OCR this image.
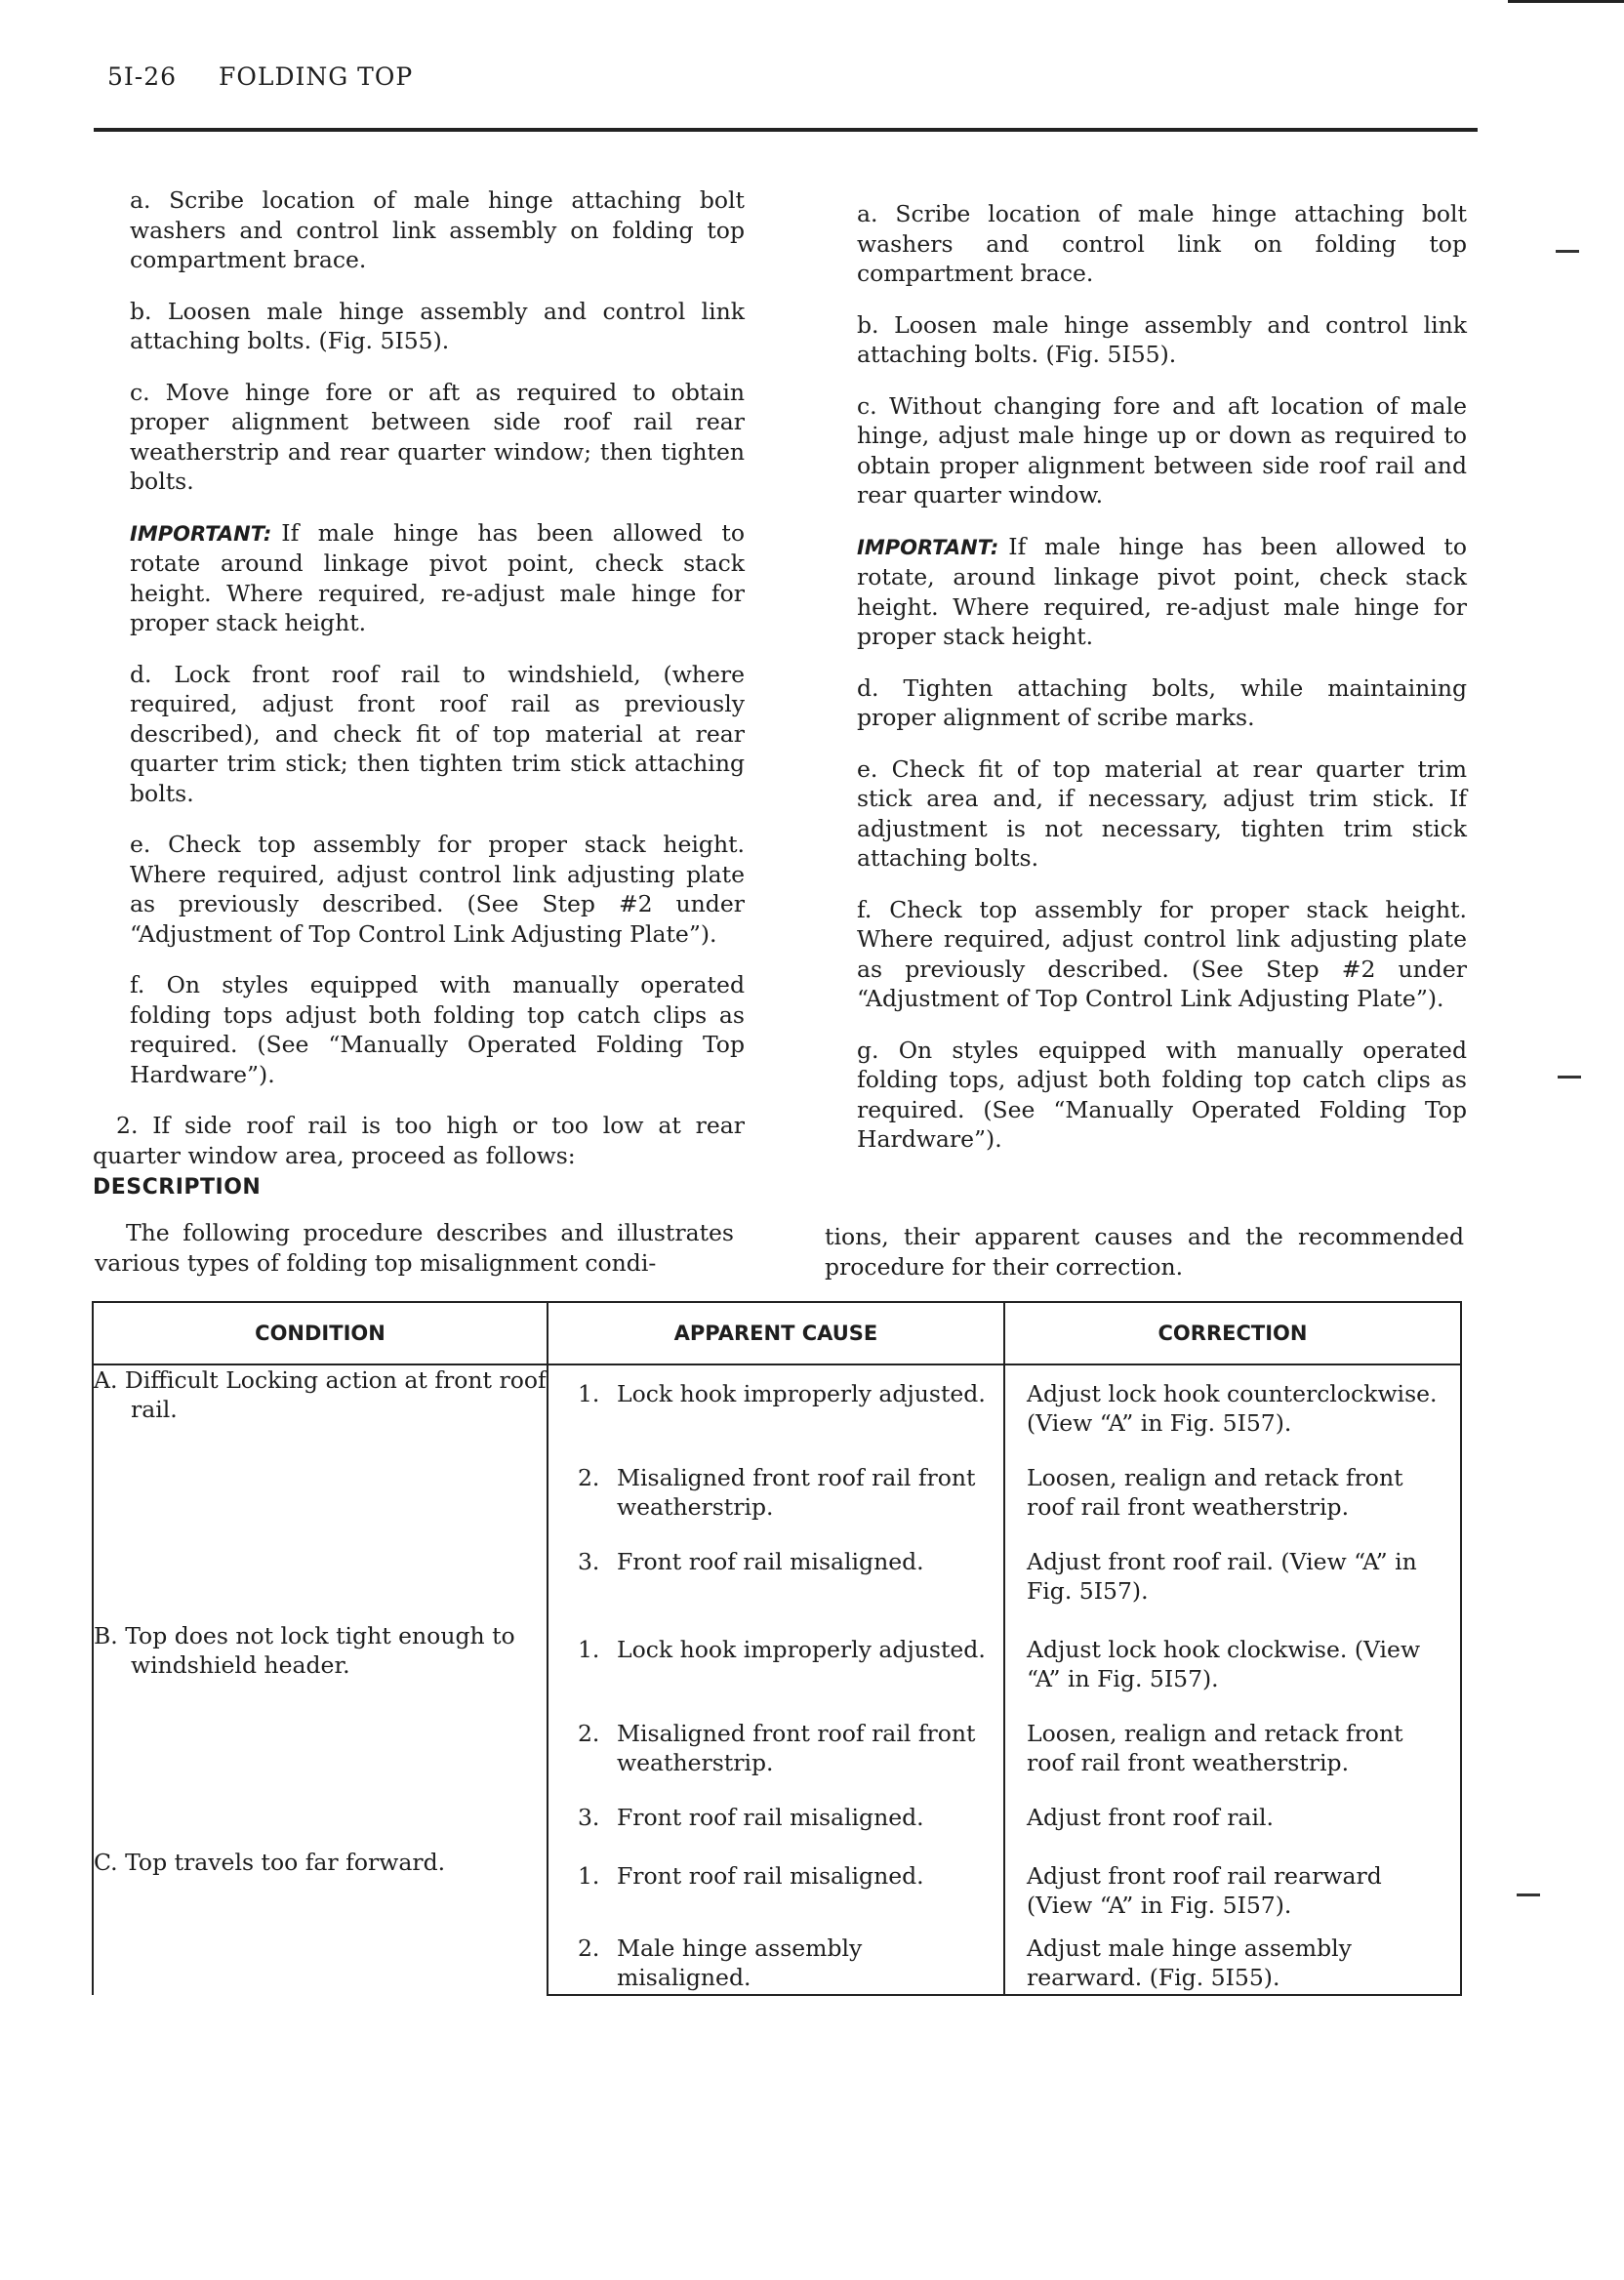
5I-26 FOLDING TOP

a. Scribe location of male hinge attaching bolt washers and control link assembly on folding top compartment brace.

b. Loosen male hinge assembly and control link attaching bolts. (Fig. 5I55).

c. Move hinge fore or aft as required to obtain proper alignment between side roof rail rear weatherstrip and rear quarter window; then tighten bolts.

IMPORTANT: If male hinge has been allowed to rotate around linkage pivot point, check stack height. Where required, re-adjust male hinge for proper stack height.

d. Lock front roof rail to windshield, (where required, adjust front roof rail as previously described), and check fit of top material at rear quarter trim stick; then tighten trim stick attaching bolts.

e. Check top assembly for proper stack height. Where required, adjust control link adjusting plate as previously described. (See Step #2 under “Adjustment of Top Control Link Adjusting Plate”).

f. On styles equipped with manually operated folding tops adjust both folding top catch clips as required. (See “Manually Operated Folding Top Hardware”).

2. If side roof rail is too high or too low at rear quarter window area, proceed as follows:

a. Scribe location of male hinge attaching bolt washers and control link on folding top compartment brace.

b. Loosen male hinge assembly and control link attaching bolts. (Fig. 5I55).

c. Without changing fore and aft location of male hinge, adjust male hinge up or down as required to obtain proper alignment between side roof rail and rear quarter window.

IMPORTANT: If male hinge has been allowed to rotate, around linkage pivot point, check stack height. Where required, re-adjust male hinge for proper stack height.

d. Tighten attaching bolts, while maintaining proper alignment of scribe marks.

e. Check fit of top material at rear quarter trim stick area and, if necessary, adjust trim stick. If adjustment is not necessary, tighten trim stick attaching bolts.

f. Check top assembly for proper stack height. Where required, adjust control link adjusting plate as previously described. (See Step #2 under “Adjustment of Top Control Link Adjusting Plate”).

g. On styles equipped with manually operated folding tops, adjust both folding top catch clips as required. (See “Manually Operated Folding Top Hardware”).

DESCRIPTION
The following procedure describes and illustrates various types of folding top misalignment condi-
tions, their apparent causes and the recommended procedure for their correction.
CONDITION	APPARENT CAUSE	CORRECTION

A. Difficult Locking action at front roof rail.	1. Lock hook improperly adjusted.	Adjust lock hook counterclockwise. (View “A” in Fig. 5I57).

	2. Misaligned front roof rail front weatherstrip.	Loosen, realign and retack front roof rail front weatherstrip.

	3. Front roof rail misaligned.	Adjust front roof rail. (View “A” in Fig. 5I57).

B. Top does not lock tight enough to windshield header.	1. Lock hook improperly adjusted.	Adjust lock hook clockwise. (View “A” in Fig. 5I57).

	2. Misaligned front roof rail front weatherstrip.	Loosen, realign and retack front roof rail front weatherstrip.

	3. Front roof rail misaligned.	Adjust front roof rail.

C. Top travels too far forward.	1. Front roof rail misaligned.	Adjust front roof rail rearward (View “A” in Fig. 5I57).

	2. Male hinge assembly misaligned.	Adjust male hinge assembly rearward. (Fig. 5I55).
